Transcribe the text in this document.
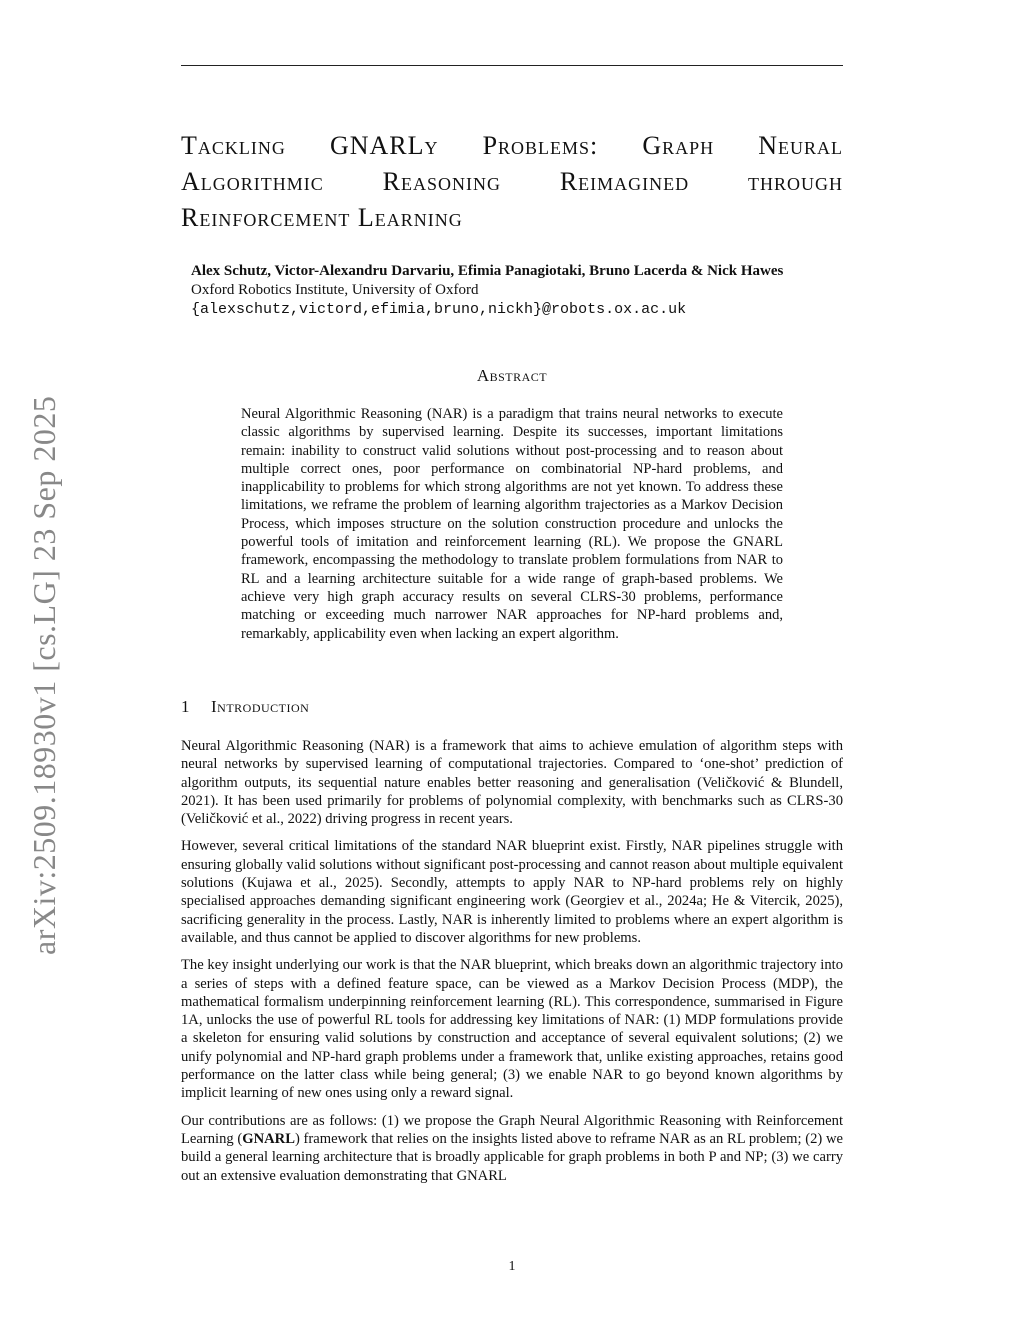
Tackling GNARLy Problems: Graph Neural
Algorithmic Reasoning Reimagined through
Reinforcement Learning
Alex Schutz, Victor-Alexandru Darvariu, Efimia Panagiotaki, Bruno Lacerda & Nick Hawes
Oxford Robotics Institute, University of Oxford
{alexschutz,victord,efimia,bruno,nickh}@robots.ox.ac.uk
arXiv:2509.18930v1 [cs.LG] 23 Sep 2025
Abstract
Neural Algorithmic Reasoning (NAR) is a paradigm that trains neural networks to execute classic algorithms by supervised learning. Despite its successes, important limitations remain: inability to construct valid solutions without post-processing and to reason about multiple correct ones, poor performance on combinatorial NP-hard problems, and inapplicability to problems for which strong algorithms are not yet known. To address these limitations, we reframe the problem of learning algorithm trajectories as a Markov Decision Process, which imposes structure on the solution construction procedure and unlocks the powerful tools of imitation and reinforcement learning (RL). We propose the GNARL framework, encompassing the methodology to translate problem formulations from NAR to RL and a learning architecture suitable for a wide range of graph-based problems. We achieve very high graph accuracy results on several CLRS-30 problems, performance matching or exceeding much narrower NAR approaches for NP-hard problems and, remarkably, applicability even when lacking an expert algorithm.
1 Introduction

Neural Algorithmic Reasoning (NAR) is a framework that aims to achieve emulation of algorithm steps with neural networks by supervised learning of computational trajectories. Compared to ‘one-shot’ prediction of algorithm outputs, its sequential nature enables better reasoning and generalisation (Veličković & Blundell, 2021). It has been used primarily for problems of polynomial complexity, with benchmarks such as CLRS-30 (Veličković et al., 2022) driving progress in recent years.

However, several critical limitations of the standard NAR blueprint exist. Firstly, NAR pipelines struggle with ensuring globally valid solutions without significant post-processing and cannot reason about multiple equivalent solutions (Kujawa et al., 2025). Secondly, attempts to apply NAR to NP-hard problems rely on highly specialised approaches demanding significant engineering work (Georgiev et al., 2024a; He & Vitercik, 2025), sacrificing generality in the process. Lastly, NAR is inherently limited to problems where an expert algorithm is available, and thus cannot be applied to discover algorithms for new problems.

The key insight underlying our work is that the NAR blueprint, which breaks down an algorithmic trajectory into a series of steps with a defined feature space, can be viewed as a Markov Decision Process (MDP), the mathematical formalism underpinning reinforcement learning (RL). This correspondence, summarised in Figure 1A, unlocks the use of powerful RL tools for addressing key limitations of NAR: (1) MDP formulations provide a skeleton for ensuring valid solutions by construction and acceptance of several equivalent solutions; (2) we unify polynomial and NP-hard graph problems under a framework that, unlike existing approaches, retains good performance on the latter class while being general; (3) we enable NAR to go beyond known algorithms by implicit learning of new ones using only a reward signal.

Our contributions are as follows: (1) we propose the Graph Neural Algorithmic Reasoning with Reinforcement Learning (GNARL) framework that relies on the insights listed above to reframe NAR as an RL problem; (2) we build a general learning architecture that is broadly applicable for graph problems in both P and NP; (3) we carry out an extensive evaluation demonstrating that GNARL

1
